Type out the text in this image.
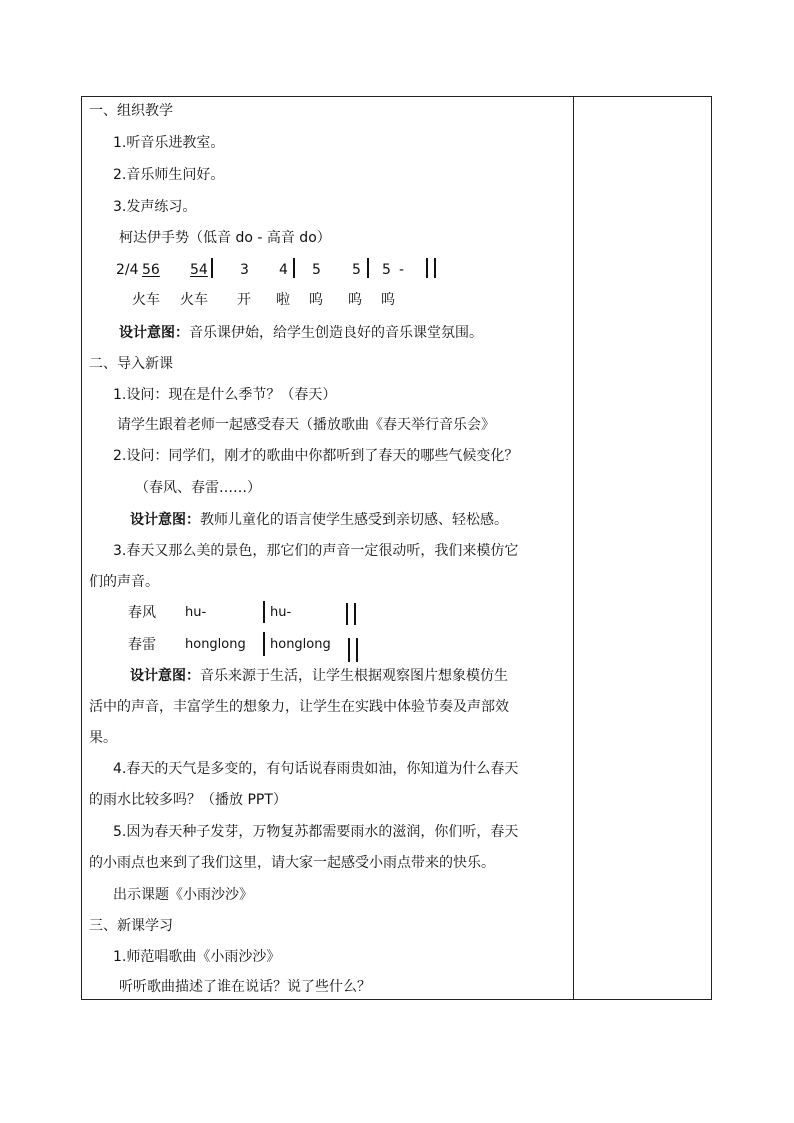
一、组织教学
1.听音乐进教室。
2.音乐师生问好。
3.发声练习。
柯达伊手势（低音 do - 高音 do）
2/4 56 54 3 4 5 5 5 -
火车 火车 开 啦 呜 呜 呜
设计意图：音乐课伊始，给学生创造良好的音乐课堂氛围。
二、导入新课
1.设问：现在是什么季节？（春天）
请学生跟着老师一起感受春天（播放歌曲《春天举行音乐会》
2.设问：同学们，刚才的歌曲中你都听到了春天的哪些气候变化？
（春风、春雷……）
设计意图：教师儿童化的语言使学生感受到亲切感、轻松感。
3.春天又那么美的景色，那它们的声音一定很动听，我们来模仿它
们的声音。
春风 hu-	hu-
春雷 honglong honglong
设计意图：音乐来源于生活，让学生根据观察图片想象模仿生
活中的声音，丰富学生的想象力，让学生在实践中体验节奏及声部效
果。
4.春天的天气是多变的，有句话说春雨贵如油，你知道为什么春天
的雨水比较多吗？（播放 PPT）
5.因为春天种子发芽，万物复苏都需要雨水的滋润，你们听，春天
的小雨点也来到了我们这里，请大家一起感受小雨点带来的快乐。
出示课题《小雨沙沙》
三、新课学习
1.师范唱歌曲《小雨沙沙》
听听歌曲描述了谁在说话？说了些什么？
